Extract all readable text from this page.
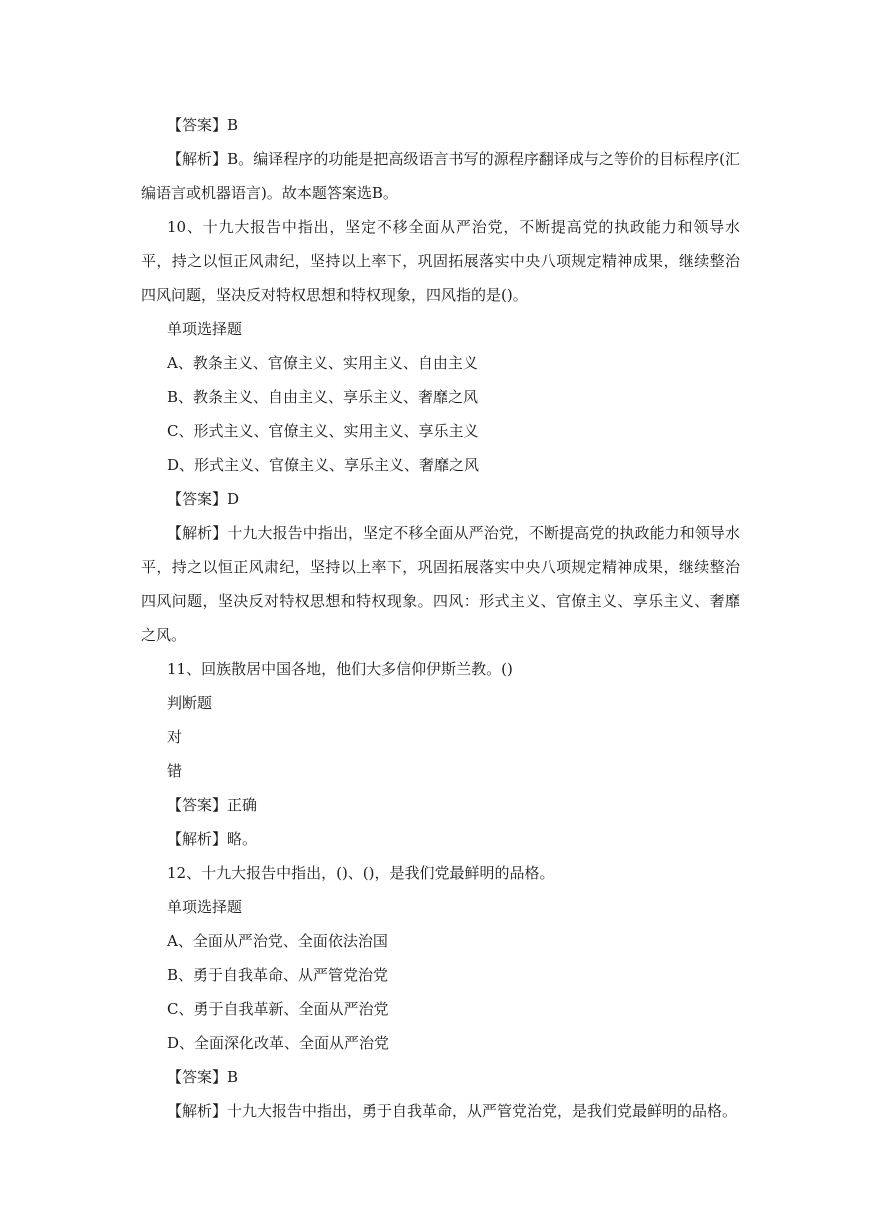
【答案】B

【解析】B。编译程序的功能是把高级语言书写的源程序翻译成与之等价的目标程序(汇编语言或机器语言)。故本题答案选B。

10、十九大报告中指出，坚定不移全面从严治党，不断提高党的执政能力和领导水平，持之以恒正风肃纪，坚持以上率下，巩固拓展落实中央八项规定精神成果，继续整治四风问题，坚决反对特权思想和特权现象，四风指的是()。

单项选择题

A、教条主义、官僚主义、实用主义、自由主义

B、教条主义、自由主义、享乐主义、奢靡之风

C、形式主义、官僚主义、实用主义、享乐主义

D、形式主义、官僚主义、享乐主义、奢靡之风

【答案】D

【解析】十九大报告中指出，坚定不移全面从严治党，不断提高党的执政能力和领导水平，持之以恒正风肃纪，坚持以上率下，巩固拓展落实中央八项规定精神成果，继续整治四风问题，坚决反对特权思想和特权现象。四风：形式主义、官僚主义、享乐主义、奢靡之风。

11、回族散居中国各地，他们大多信仰伊斯兰教。()

判断题

对

错

【答案】正确

【解析】略。

12、十九大报告中指出，()、()，是我们党最鲜明的品格。

单项选择题

A、全面从严治党、全面依法治国

B、勇于自我革命、从严管党治党

C、勇于自我革新、全面从严治党

D、全面深化改革、全面从严治党

【答案】B

【解析】十九大报告中指出，勇于自我革命，从严管党治党，是我们党最鲜明的品格。
